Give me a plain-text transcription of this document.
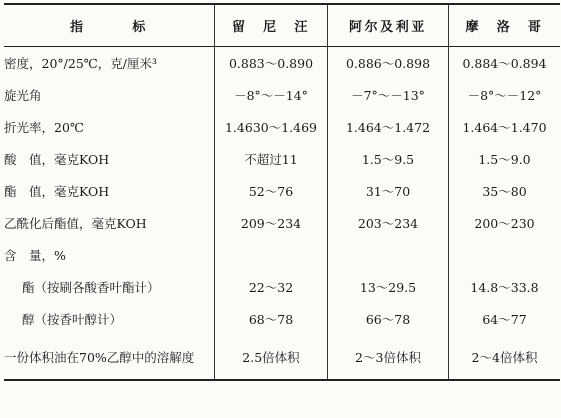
指　　　标	留　尼　汪	阿尔及利亚	摩　洛　哥
密度，20°/25℃，克/厘米³	0.883～0.890	0.886～0.898	0.884～0.894
旋光角	－8°～－14°	－7°～－13°	－8°～－12°
折光率，20℃	1.4630～1.469	1.464～1.472	1.464～1.470
酸　值，毫克KOH	不超过11	1.5～9.5	1.5～9.0
酯　值，毫克KOH	52～76	31～70	35～80
乙酰化后酯值，毫克KOH	209～234	203～234	200～230
含　量，%			
酯（按刷各酸香叶酯计）	22～32	13～29.5	14.8～33.8
醇（按香叶醇计）	68～78	66～78	64～77
一份体积油在70%乙醇中的溶解度	2.5倍体积	2～3倍体积	2～4倍体积
